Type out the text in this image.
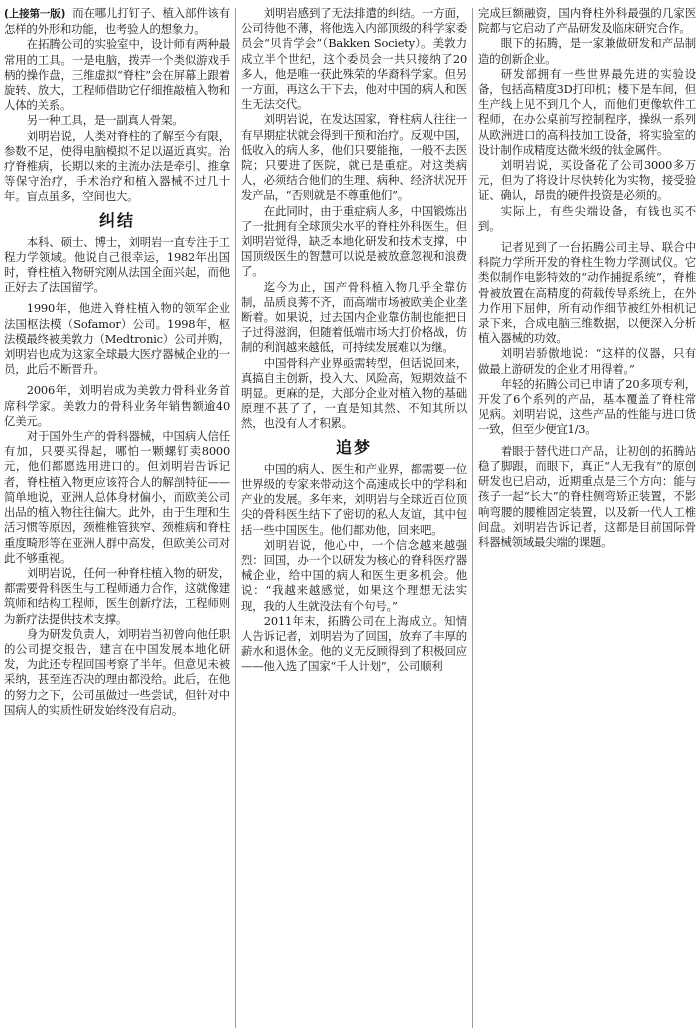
(上接第一版) 而在哪儿打钉子、植入部件该有怎样的外形和功能，也考验人的想象力。

在拓腾公司的实验室中，设计师有两种最常用的工具。一是电脑，拨弄一个类似游戏手柄的操作盘，三维虚拟“脊柱”会在屏幕上跟着旋转、放大，工程师借助它仔细推敲植入物和人体的关系。

另一种工具，是一副真人骨架。

刘明岩说，人类对脊柱的了解至今有限，参数不足，使得电脑模拟不足以逼近真实。治疗脊椎病，长期以来的主流办法是牵引、推拿等保守治疗，手术治疗和植入器械不过几十年。盲点虽多，空间也大。

纠结

本科、硕士、博士，刘明岩一直专注于工程力学领域。他说自己很幸运，1982年出国时，脊柱植入物研究刚从法国全面兴起，而他正好去了法国留学。

1990年，他进入脊柱植入物的领军企业法国枢法模（Sofamor）公司。1998年，枢法模最终被美敦力（Medtronic）公司并购，刘明岩也成为这家全球最大医疗器械企业的一员，此后不断晋升。

2006年，刘明岩成为美敦力骨科业务首席科学家。美敦力的骨科业务年销售额逾40亿美元。

对于国外生产的骨科器械，中国病人信任有加，只要买得起，哪怕一颗螺钉卖8000元，他们都愿选用进口的。但刘明岩告诉记者，脊柱植入物更应该符合人的解剖特征——简单地说，亚洲人总体身材偏小，而欧美公司出品的植入物往往偏大。此外，由于生理和生活习惯等原因，颈椎椎管狭窄、颈椎病和脊柱重度畸形等在亚洲人群中高发，但欧美公司对此不够重视。

刘明岩说，任何一种脊柱植入物的研发，都需要骨科医生与工程师通力合作，这就像建筑师和结构工程师，医生创新疗法，工程师则为新疗法提供技术支撑。

身为研发负责人，刘明岩当初曾向他任职的公司提交报告，建言在中国发展本地化研发，为此还专程回国考察了半年。但意见未被采纳，甚至连否决的理由都没给。此后，在他的努力之下，公司虽做过一些尝试，但针对中国病人的实质性研发始终没有启动。

刘明岩感到了无法排遣的纠结。一方面，公司待他不薄，将他选入内部顶级的科学家委员会“贝肯学会”（Bakken Society）。美敦力成立半个世纪，这个委员会一共只接纳了20多人，他是唯一获此殊荣的华裔科学家。但另一方面，再这么干下去，他对中国的病人和医生无法交代。

刘明岩说，在发达国家，脊柱病人往往一有早期症状就会得到干预和治疗。反观中国，低收入的病人多，他们只要能拖，一般不去医院；只要进了医院，就已是重症。对这类病人，必须结合他们的生理、病种、经济状况开发产品，“否则就是不尊重他们”。

在此同时，由于重症病人多，中国锻炼出了一批拥有全球顶尖水平的脊柱外科医生。但刘明岩觉得，缺乏本地化研发和技术支撑，中国顶级医生的智慧可以说是被放意忽视和浪费了。

迄今为止，国产骨科植入物几乎全靠仿制，品质良莠不齐，而高端市场被欧美企业垄断着。如果说，过去国内企业靠仿制也能把日子过得滋润，但随着低端市场大打价格战，仿制的利润越来越低，可持续发展难以为继。

中国骨科产业界亟需转型，但话说回来，真搞自主创新，投入大、风险高，短期效益不明显。更麻的是，大部分企业对植入物的基础原理不甚了了，一直是知其然、不知其所以然，也没有人才积累。

追梦

中国的病人、医生和产业界，都需要一位世界级的专家来带动这个高速成长中的学科和产业的发展。多年来，刘明岩与全球近百位顶尖的骨科医生结下了密切的私人友谊，其中包括一些中国医生。他们都劝他，回来吧。

刘明岩说，他心中，一个信念越来越强烈：回国，办一个以研发为核心的脊科医疗器械企业，给中国的病人和医生更多机会。他说：“我越来越感觉，如果这个理想无法实现，我的人生就没法有个句号。”

2011年末，拓腾公司在上海成立。知情人告诉记者，刘明岩为了回国，放弃了丰厚的薪水和退休金。他的义无反顾得到了积极回应——他入选了国家“千人计划”，公司顺利

完成巨额融资，国内脊柱外科最强的几家医院都与它启动了产品研发及临床研究合作。

眼下的拓腾，是一家兼做研发和产品制造的创新企业。

研发部拥有一些世界最先进的实验设备，包括高精度3D打印机；楼下是车间，但生产线上见不到几个人，而他们更像软件工程师，在办公桌前写控制程序，操纵一系列从欧洲进口的高科技加工设备，将实验室的设计制作成精度达微米级的钛金属件。

刘明岩说，买设备花了公司3000多万元，但为了将设计尽快转化为实物，接受验证、确认，昂贵的硬件投资是必须的。

实际上，有些尖端设备，有钱也买不到。

记者见到了一台拓腾公司主导、联合中科院力学所开发的脊柱生物力学测试仪。它类似制作电影特效的“动作捕捉系统”，脊椎骨被放置在高精度的荷载传导系统上，在外力作用下屈伸，所有动作细节被红外相机记录下来，合成电脑三维数据，以便深入分析植入器械的功效。

刘明岩骄傲地说：“这样的仪器，只有做最上游研发的企业才用得着。”

年轻的拓腾公司已申请了20多项专利，开发了6个系列的产品，基本覆盖了脊柱常见病。刘明岩说，这些产品的性能与进口货一致，但至少便宜1/3。

着眼于替代进口产品，让初创的拓腾站稳了脚跟，而眼下，真正“人无我有”的原创研发也已启动，近期重点是三个方向：能与孩子一起“长大”的脊柱侧弯矫正装置，不影响弯腰的腰椎固定装置，以及新一代人工椎间盘。刘明岩告诉记者，这都是目前国际骨科器械领域最尖端的课题。
